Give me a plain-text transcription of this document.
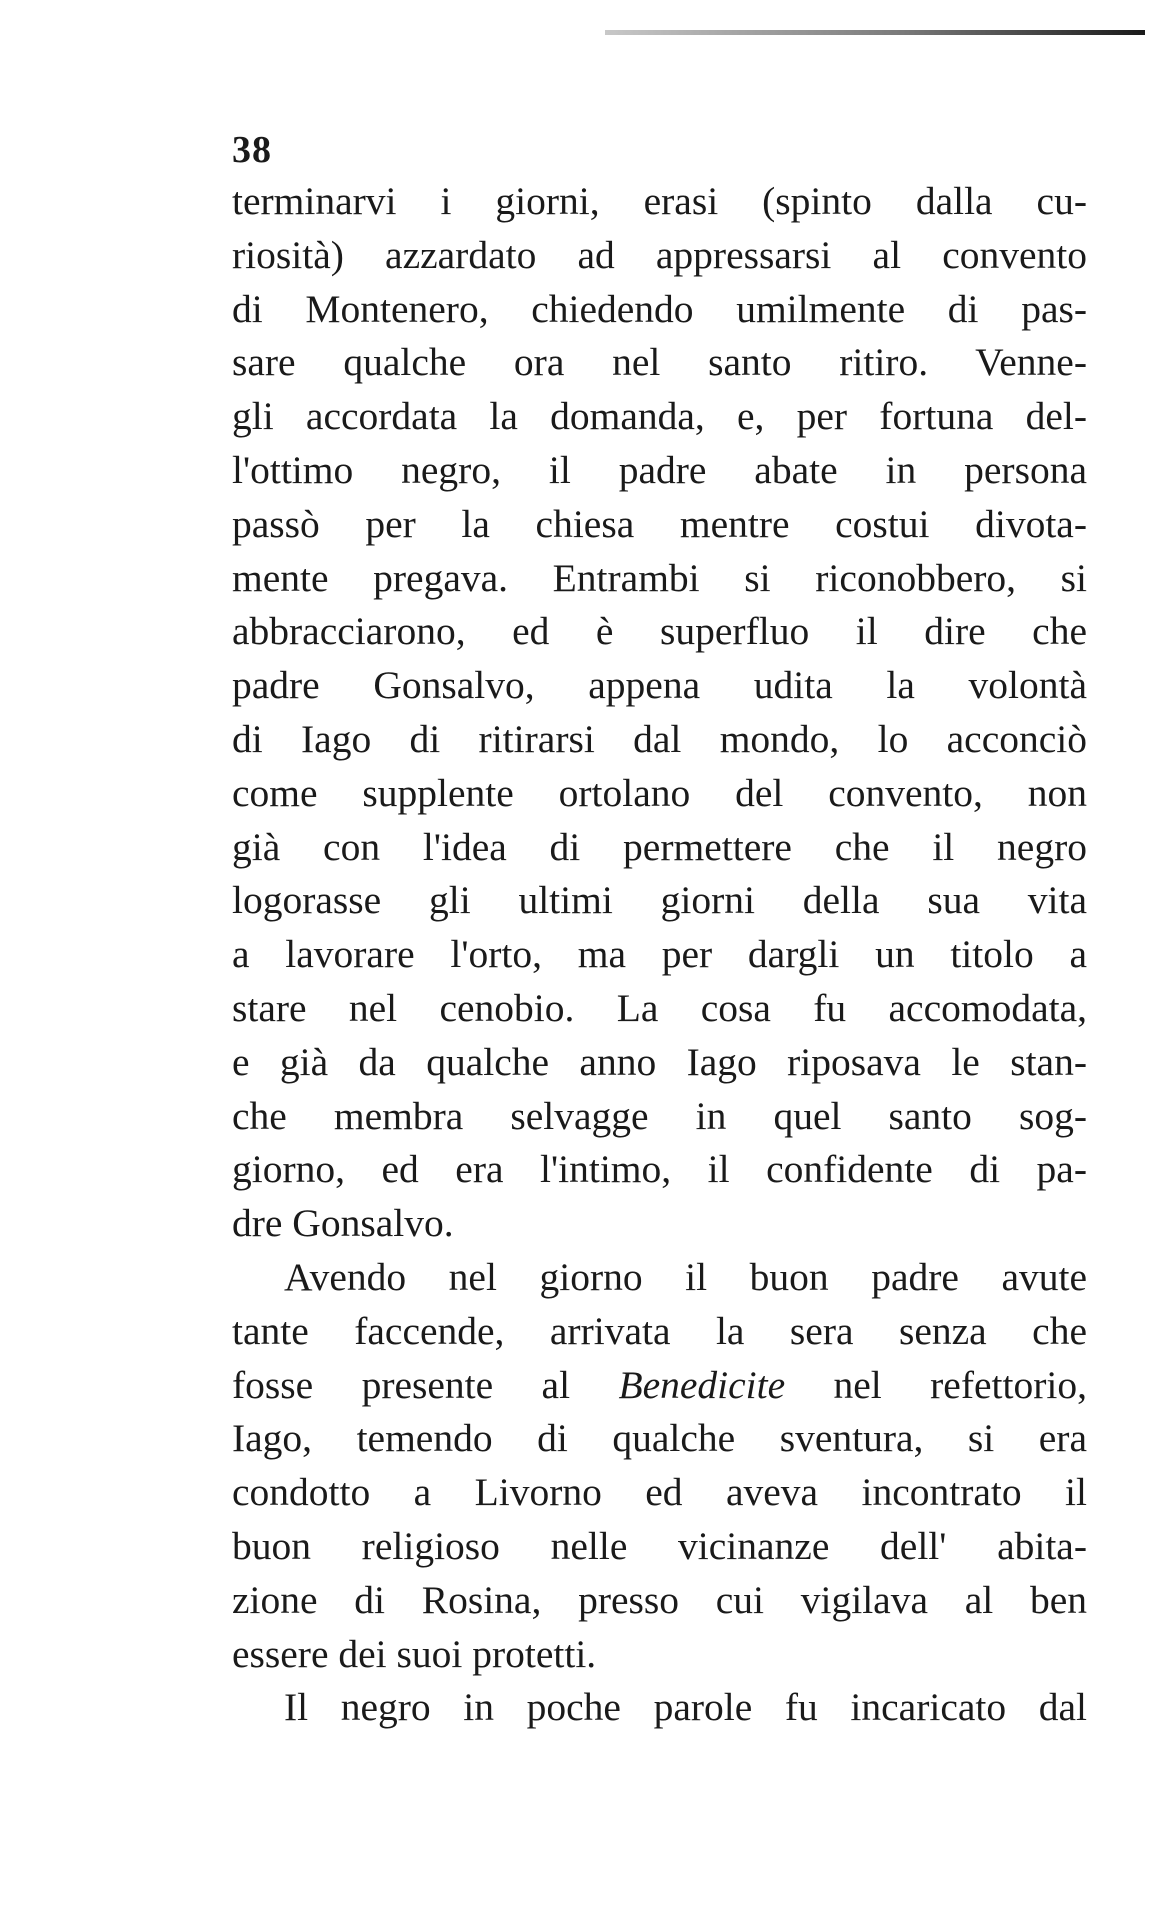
38
terminarvi i giorni, erasi (spinto dalla cu-
riosità) azzardato ad appressarsi al convento
di Montenero, chiedendo umilmente di pas-
sare qualche ora nel santo ritiro. Venne-
gli accordata la domanda, e, per fortuna del-
l'ottimo negro, il padre abate in persona
passò per la chiesa mentre costui divota-
mente pregava. Entrambi si riconobbero, si
abbracciarono, ed è superfluo il dire che
padre Gonsalvo, appena udita la volontà
di Iago di ritirarsi dal mondo, lo acconciò
come supplente ortolano del convento, non
già con l'idea di permettere che il negro
logorasse gli ultimi giorni della sua vita
a lavorare l'orto, ma per dargli un titolo a
stare nel cenobio. La cosa fu accomodata,
e già da qualche anno Iago riposava le stan-
che membra selvagge in quel santo sog-
giorno, ed era l'intimo, il confidente di pa-
dre Gonsalvo.
Avendo nel giorno il buon padre avute
tante faccende, arrivata la sera senza che
fosse presente al Benedicite nel refettorio,
Iago, temendo di qualche sventura, si era
condotto a Livorno ed aveva incontrato il
buon religioso nelle vicinanze dell' abita-
zione di Rosina, presso cui vigilava al ben
essere dei suoi protetti.
Il negro in poche parole fu incaricato dal
